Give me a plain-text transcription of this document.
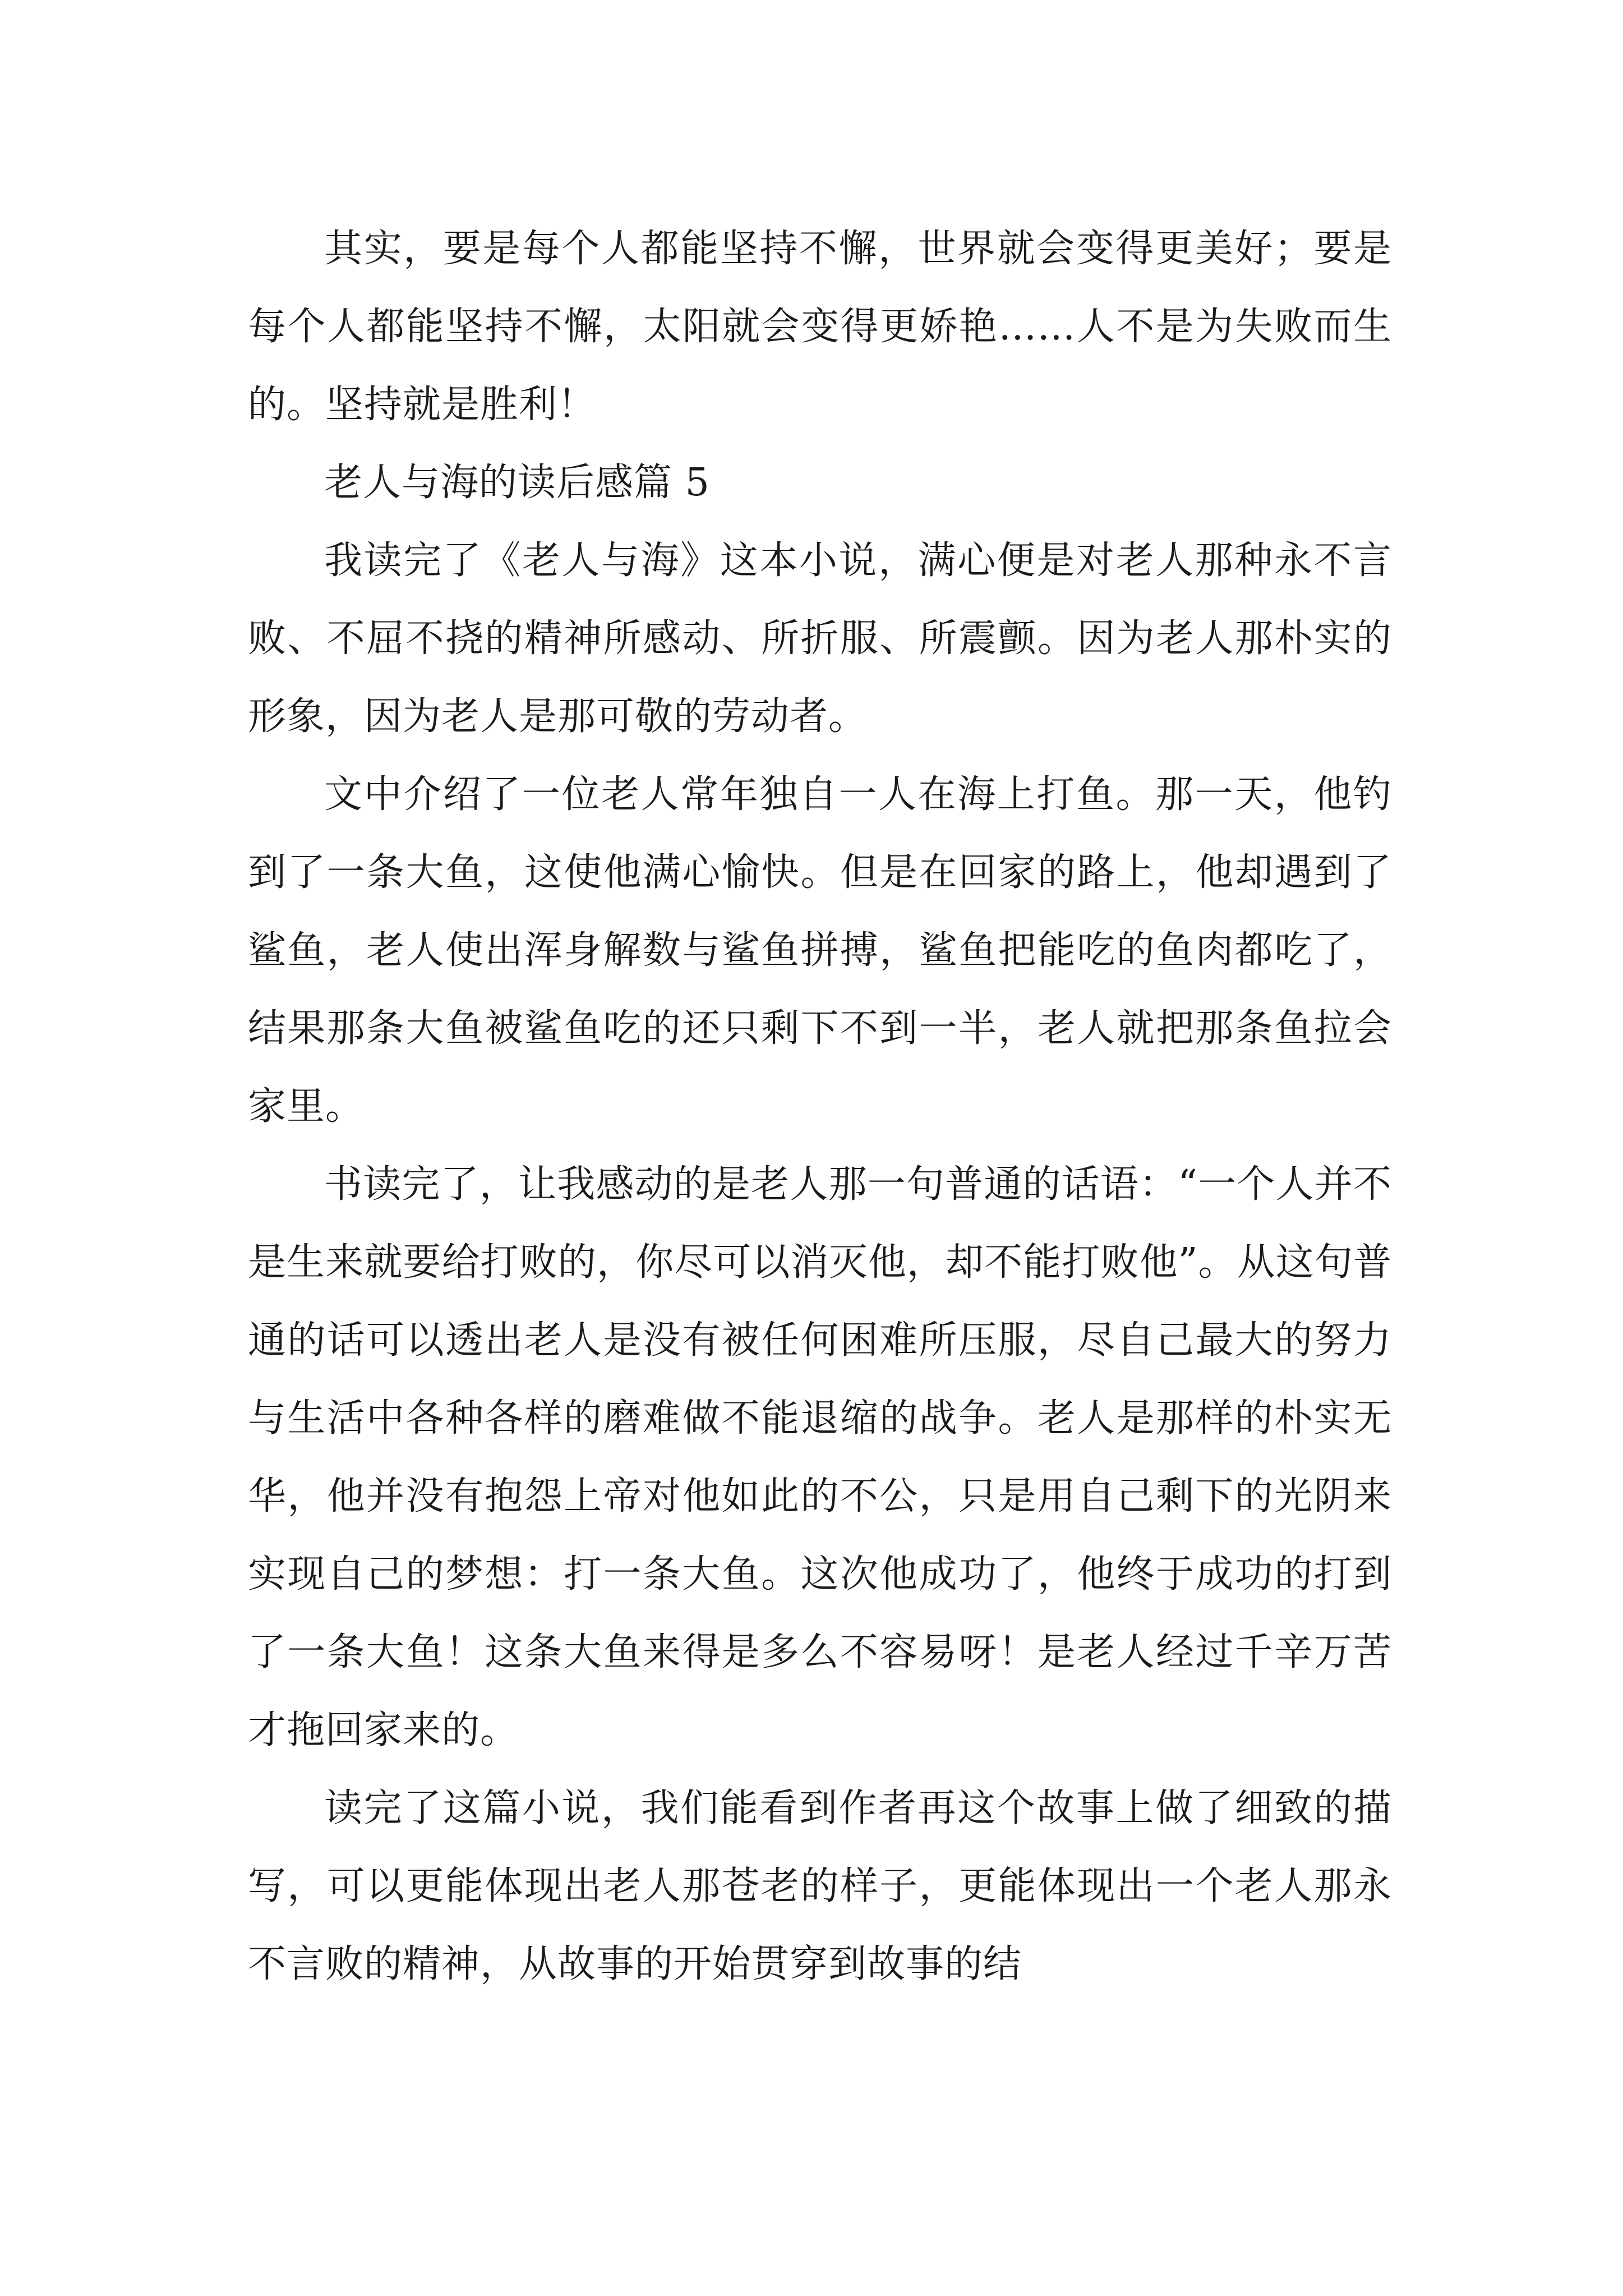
其实，要是每个人都能坚持不懈，世界就会变得更美好；要是每个人都能坚持不懈，太阳就会变得更娇艳……人不是为失败而生的。坚持就是胜利！

老人与海的读后感篇 5

我读完了《老人与海》这本小说，满心便是对老人那种永不言败、不屈不挠的精神所感动、所折服、所震颤。因为老人那朴实的形象，因为老人是那可敬的劳动者。

文中介绍了一位老人常年独自一人在海上打鱼。那一天，他钓到了一条大鱼，这使他满心愉快。但是在回家的路上，他却遇到了鲨鱼，老人使出浑身解数与鲨鱼拼搏，鲨鱼把能吃的鱼肉都吃了，结果那条大鱼被鲨鱼吃的还只剩下不到一半，老人就把那条鱼拉会家里。

书读完了，让我感动的是老人那一句普通的话语：“一个人并不是生来就要给打败的，你尽可以消灭他，却不能打败他”。从这句普通的话可以透出老人是没有被任何困难所压服，尽自己最大的努力与生活中各种各样的磨难做不能退缩的战争。老人是那样的朴实无华，他并没有抱怨上帝对他如此的不公，只是用自己剩下的光阴来实现自己的梦想：打一条大鱼。这次他成功了，他终于成功的打到了一条大鱼！这条大鱼来得是多么不容易呀！是老人经过千辛万苦才拖回家来的。

读完了这篇小说，我们能看到作者再这个故事上做了细致的描写，可以更能体现出老人那苍老的样子，更能体现出一个老人那永不言败的精神，从故事的开始贯穿到故事的结
